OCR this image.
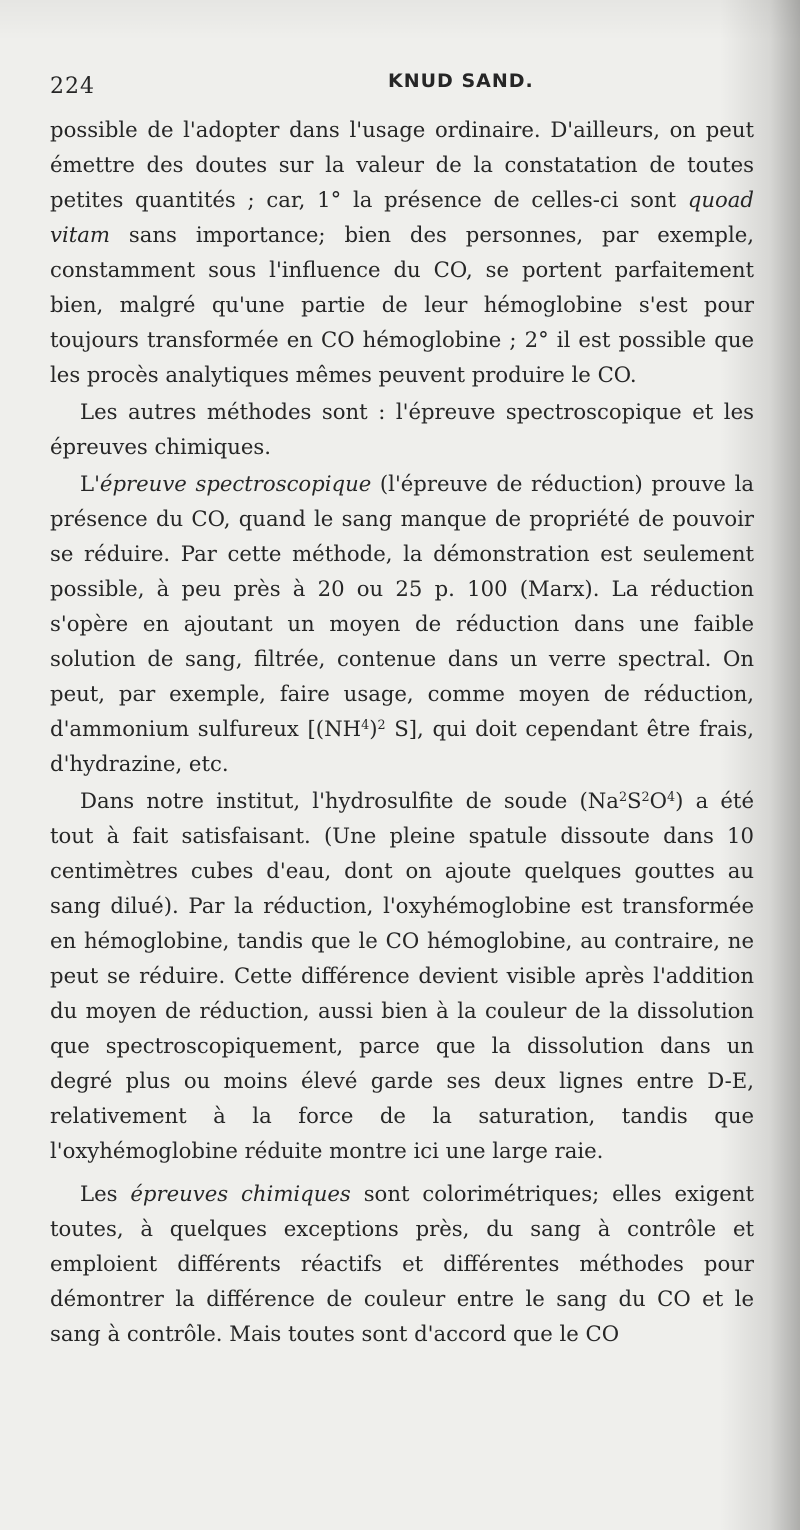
224	KNUD SAND.

possible de l'adopter dans l'usage ordinaire. D'ailleurs, on peut émettre des doutes sur la valeur de la constatation de toutes petites quantités ; car, 1° la présence de celles-ci sont quoad vitam sans importance; bien des personnes, par exemple, constamment sous l'influence du CO, se portent parfaitement bien, malgré qu'une partie de leur hémoglobine s'est pour toujours transformée en CO hémoglobine ; 2° il est possible que les procès analytiques mêmes peuvent produire le CO.

Les autres méthodes sont : l'épreuve spectroscopique et les épreuves chimiques.

L'épreuve spectroscopique (l'épreuve de réduction) prouve la présence du CO, quand le sang manque de propriété de pouvoir se réduire. Par cette méthode, la démonstration est seulement possible, à peu près à 20 ou 25 p. 100 (Marx). La réduction s'opère en ajoutant un moyen de réduction dans une faible solution de sang, filtrée, contenue dans un verre spectral. On peut, par exemple, faire usage, comme moyen de réduction, d'ammonium sulfureux [$(NH^4)^2$ S], qui doit cependant être frais, d'hydrazine, etc.

Dans notre institut, l'hydrosulfite de soude $(Na^2S^2O^4)$ a été tout à fait satisfaisant. (Une pleine spatule dissoute dans 10 centimètres cubes d'eau, dont on ajoute quelques gouttes au sang dilué). Par la réduction, l'oxyhémoglobine est transformée en hémoglobine, tandis que le CO hémoglobine, au contraire, ne peut se réduire. Cette différence devient visible après l'addition du moyen de réduction, aussi bien à la couleur de la dissolution que spectroscopiquement, parce que la dissolution dans un degré plus ou moins élevé garde ses deux lignes entre D-E, relativement à la force de la saturation, tandis que l'oxyhémoglobine réduite montre ici une large raie.

Les épreuves chimiques sont colorimétriques; elles exigent toutes, à quelques exceptions près, du sang à contrôle et emploient différents réactifs et différentes méthodes pour démontrer la différence de couleur entre le sang du CO et le sang à contrôle. Mais toutes sont d'accord que le CO
